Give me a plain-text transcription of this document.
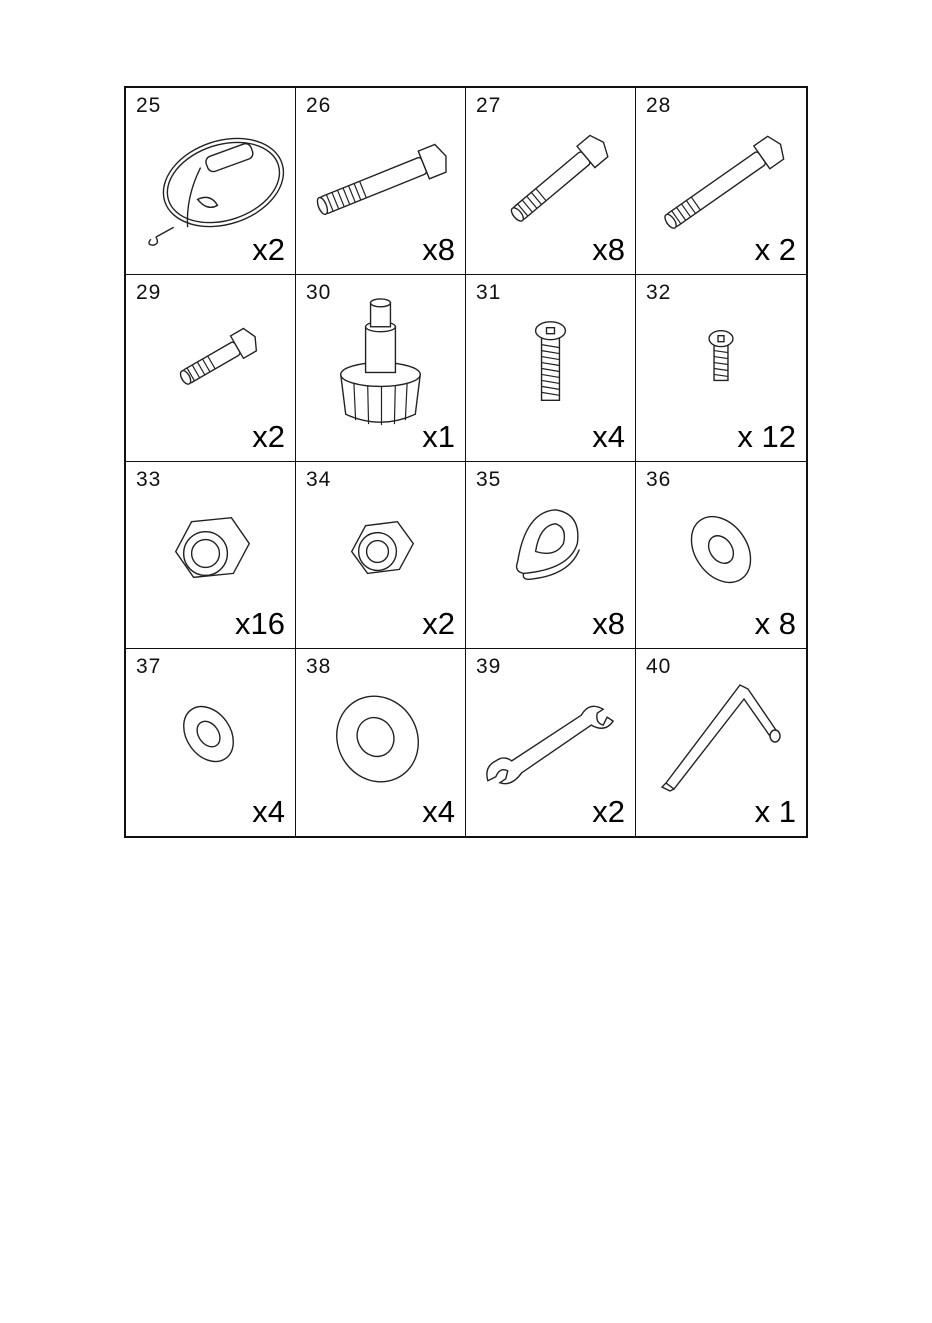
25
x2
26
x8
27
x8
28
x 2
29
x2
30
x1
31
x4
32
x 12
33
x16
34
x2
35
x8
36
x 8
37
x4
38
x4
39
x2
40
x 1
